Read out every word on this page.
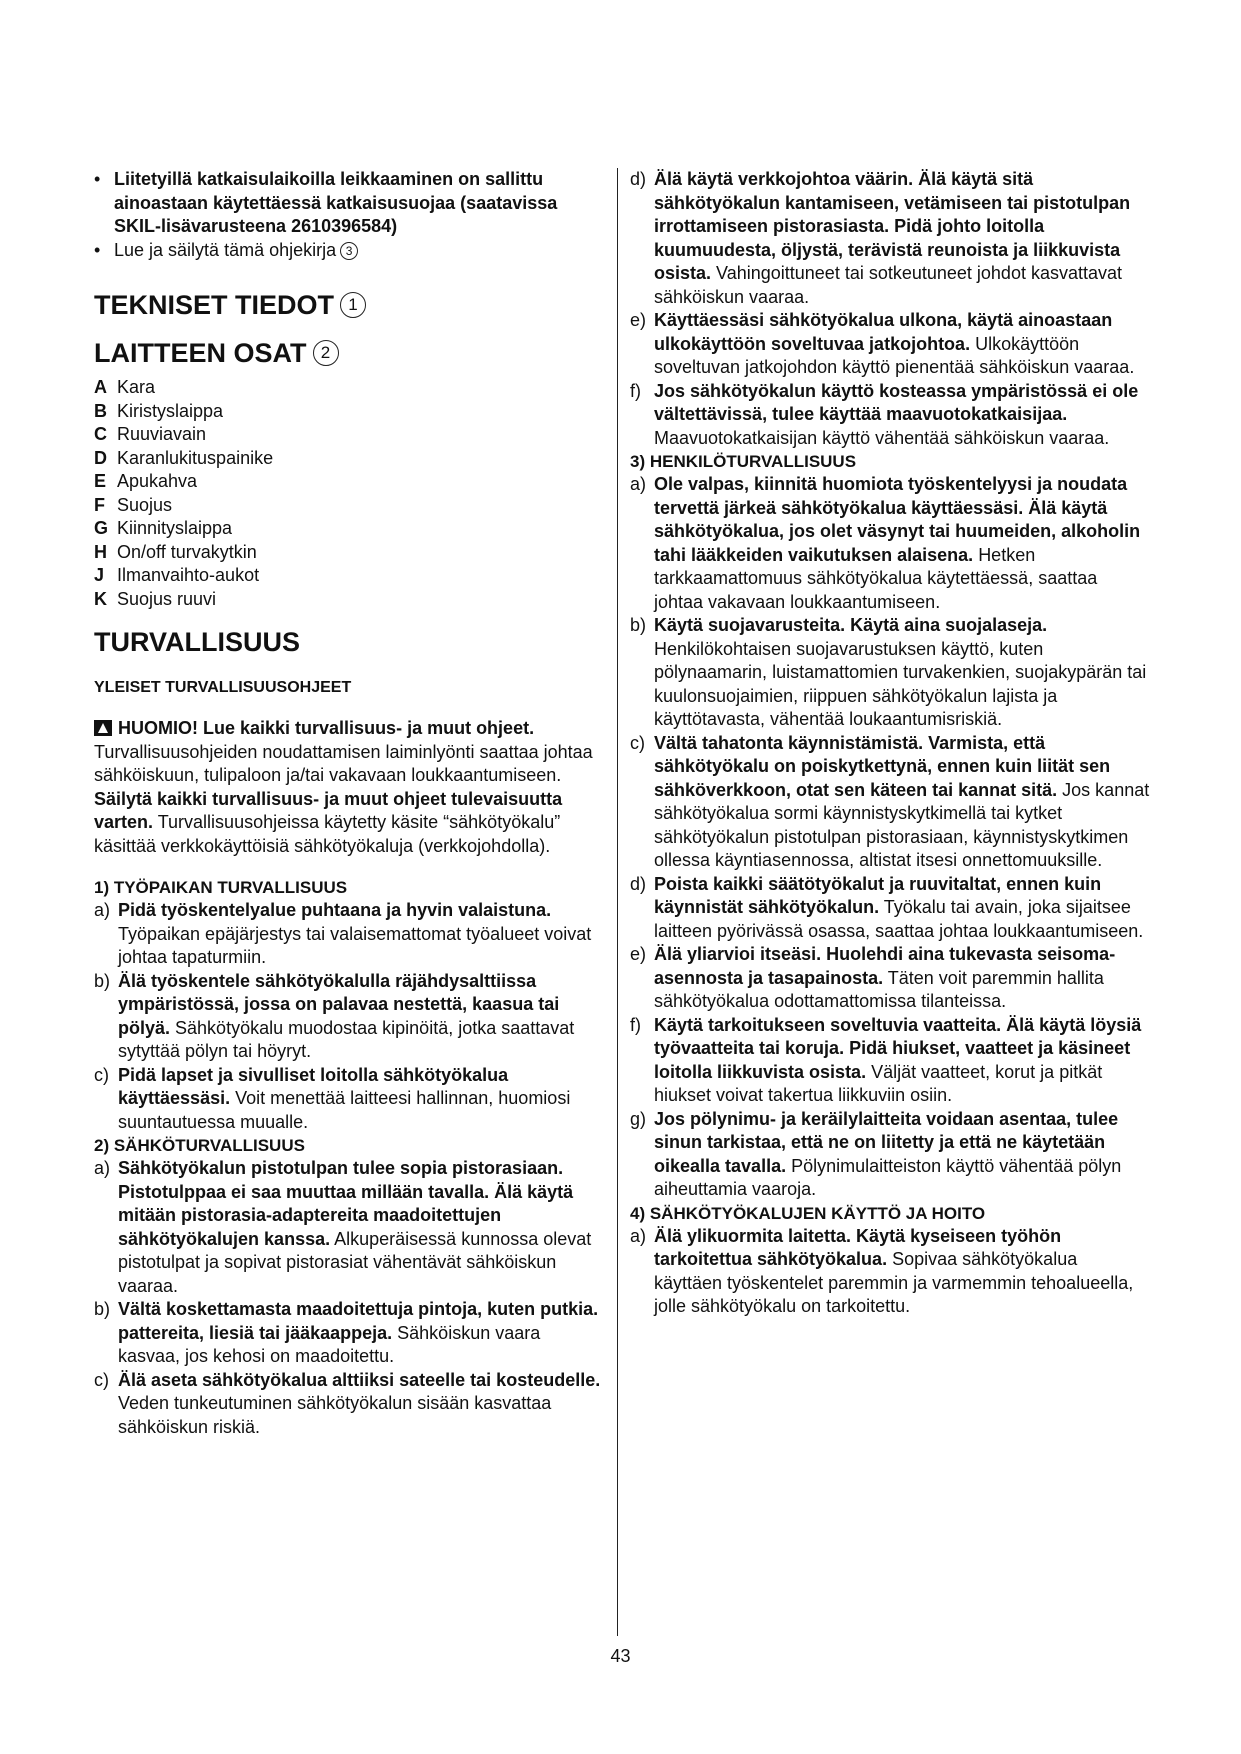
• Liitetyillä katkaisulaikoilla leikkaaminen on sallittu ainoastaan käytettäessä katkaisusuojaa (saatavissa SKIL-lisävarusteena 2610396584)

• Lue ja säilytä tämä ohjekirja 3

TEKNISET TIEDOT 1
LAITTEEN OSAT 2
A Kara
B Kiristyslaippa
C Ruuviavain
D Karanlukituspainike
E Apukahva
F Suojus
G Kiinnityslaippa
H On/off turvakytkin
J Ilmanvaihto-aukot
K Suojus ruuvi
TURVALLISUUS
YLEISET TURVALLISUUSOHJEET

HUOMIO! Lue kaikki turvallisuus- ja muut ohjeet. Turvallisuusohjeiden noudattamisen laiminlyönti saattaa johtaa sähköiskuun, tulipaloon ja/tai vakavaan loukkaantumiseen. Säilytä kaikki turvallisuus- ja muut ohjeet tulevaisuutta varten. Turvallisuusohjeissa käytetty käsite “sähkötyökalu” käsittää verkkokäyttöisiä sähkötyökaluja (verkkojohdolla).

1) TYÖPAIKAN TURVALLISUUS
a) Pidä työskentelyalue puhtaana ja hyvin valaistuna. Työpaikan epäjärjestys tai valaisemattomat työalueet voivat johtaa tapaturmiin.
b) Älä työskentele sähkötyökalulla räjähdysalttiissa ympäristössä, jossa on palavaa nestettä, kaasua tai pölyä. Sähkötyökalu muodostaa kipinöitä, jotka saattavat sytyttää pölyn tai höyryt.
c) Pidä lapset ja sivulliset loitolla sähkötyökalua käyttäessäsi. Voit menettää laitteesi hallinnan, huomiosi suuntautuessa muualle.
2) SÄHKÖTURVALLISUUS
a) Sähkötyökalun pistotulpan tulee sopia pistorasiaan. Pistotulppaa ei saa muuttaa millään tavalla. Älä käytä mitään pistorasia-adaptereita maadoitettujen sähkötyökalujen kanssa. Alkuperäisessä kunnossa olevat pistotulpat ja sopivat pistorasiat vähentävät sähköiskun vaaraa.
b) Vältä koskettamasta maadoitettuja pintoja, kuten putkia. pattereita, liesiä tai jääkaappeja. Sähköiskun vaara kasvaa, jos kehosi on maadoitettu.
c) Älä aseta sähkötyökalua alttiiksi sateelle tai kosteudelle. Veden tunkeutuminen sähkötyökalun sisään kasvattaa sähköiskun riskiä.
d) Älä käytä verkkojohtoa väärin. Älä käytä sitä sähkötyökalun kantamiseen, vetämiseen tai pistotulpan irrottamiseen pistorasiasta. Pidä johto loitolla kuumuudesta, öljystä, terävistä reunoista ja liikkuvista osista. Vahingoittuneet tai sotkeutuneet johdot kasvattavat sähköiskun vaaraa.
e) Käyttäessäsi sähkötyökalua ulkona, käytä ainoastaan ulkokäyttöön soveltuvaa jatkojohtoa. Ulkokäyttöön soveltuvan jatkojohdon käyttö pienentää sähköiskun vaaraa.
f) Jos sähkötyökalun käyttö kosteassa ympäristössä ei ole vältettävissä, tulee käyttää maavuotokatkaisijaa. Maavuotokatkaisijan käyttö vähentää sähköiskun vaaraa.
3) HENKILÖTURVALLISUUS
a) Ole valpas, kiinnitä huomiota työskentelyysi ja noudata tervettä järkeä sähkötyökalua käyttäessäsi. Älä käytä sähkötyökalua, jos olet väsynyt tai huumeiden, alkoholin tahi lääkkeiden vaikutuksen alaisena. Hetken tarkkaamattomuus sähkötyökalua käytettäessä, saattaa johtaa vakavaan loukkaantumiseen.
b) Käytä suojavarusteita. Käytä aina suojalaseja. Henkilökohtaisen suojavarustuksen käyttö, kuten pölynaamarin, luistamattomien turvakenkien, suojakypärän tai kuulonsuojaimien, riippuen sähkötyökalun lajista ja käyttötavasta, vähentää loukaantumisriskiä.
c) Vältä tahatonta käynnistämistä. Varmista, että sähkötyökalu on poiskytkettynä, ennen kuin liität sen sähköverkkoon, otat sen käteen tai kannat sitä. Jos kannat sähkötyökalua sormi käynnistyskytkimellä tai kytket sähkötyökalun pistotulpan pistorasiaan, käynnistyskytkimen ollessa käyntiasennossa, altistat itsesi onnettomuuksille.
d) Poista kaikki säätötyökalut ja ruuvitaltat, ennen kuin käynnistät sähkötyökalun. Työkalu tai avain, joka sijaitsee laitteen pyörivässä osassa, saattaa johtaa loukkaantumiseen.
e) Älä yliarvioi itseäsi. Huolehdi aina tukevasta seisoma-asennosta ja tasapainosta. Täten voit paremmin hallita sähkötyökalua odottamattomissa tilanteissa.
f) Käytä tarkoitukseen soveltuvia vaatteita. Älä käytä löysiä työvaatteita tai koruja. Pidä hiukset, vaatteet ja käsineet loitolla liikkuvista osista. Väljät vaatteet, korut ja pitkät hiukset voivat takertua liikkuviin osiin.
g) Jos pölynimu- ja keräilylaitteita voidaan asentaa, tulee sinun tarkistaa, että ne on liitetty ja että ne käytetään oikealla tavalla. Pölynimulaitteiston käyttö vähentää pölyn aiheuttamia vaaroja.
4) SÄHKÖTYÖKALUJEN KÄYTTÖ JA HOITO
a) Älä ylikuormita laitetta. Käytä kyseiseen työhön tarkoitettua sähkötyökalua. Sopivaa sähkötyökalua käyttäen työskentelet paremmin ja varmemmin tehoalueella, jolle sähkötyökalu on tarkoitettu.
43
